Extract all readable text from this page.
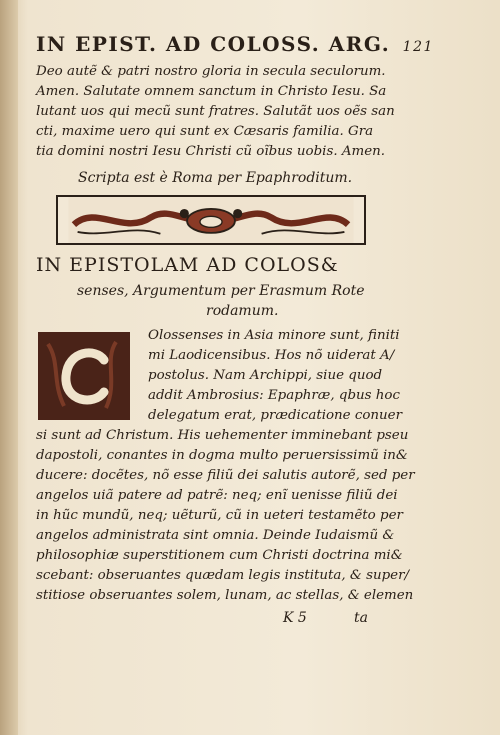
IN EPIST. AD COLOSS. ARG. 121
Deo autẽ & patri nostro gloria in secula seculorum.
Amen. Salutate omnem sanctum in Christo Iesu. Sa
lutant uos qui mecũ sunt fratres. Salutãt uos oẽs san
cti, maxime uero qui sunt ex Cæsaris familia. Gra
tia domini nostri Iesu Christi cũ oĩbus uobis. Amen.
Scripta est è Roma per Epaphroditum.
IN EPISTOLAM AD COLOS&
senses, Argumentum per Erasmum Rote
rodamum.
Olossenses in Asia minore sunt, finiti
mi Laodicensibus. Hos nõ uiderat A/
postolus. Nam Archippi, siue quod
addit Ambrosius: Epaphræ, qbus hoc
delegatum erat, prædicatione conuer
si sunt ad Christum. His uehementer imminebant pseu
dapostoli, conantes in dogma multo peruersissimũ in&
ducere: docẽtes, nõ esse filiũ dei salutis autorẽ, sed per
angelos uiã patere ad patrẽ: neq; enĩ uenisse filiũ dei
in hũc mundũ, neq; uẽturũ, cũ in ueteri testamẽto per
angelos administrata sint omnia. Deinde Iudaismũ &
philosophiæ superstitionem cum Christi doctrina mi&
scebant: obseruantes quædam legis instituta, & super/
stitiose obseruantes solem, lunam, ac stellas, & elemen
K 5	ta
